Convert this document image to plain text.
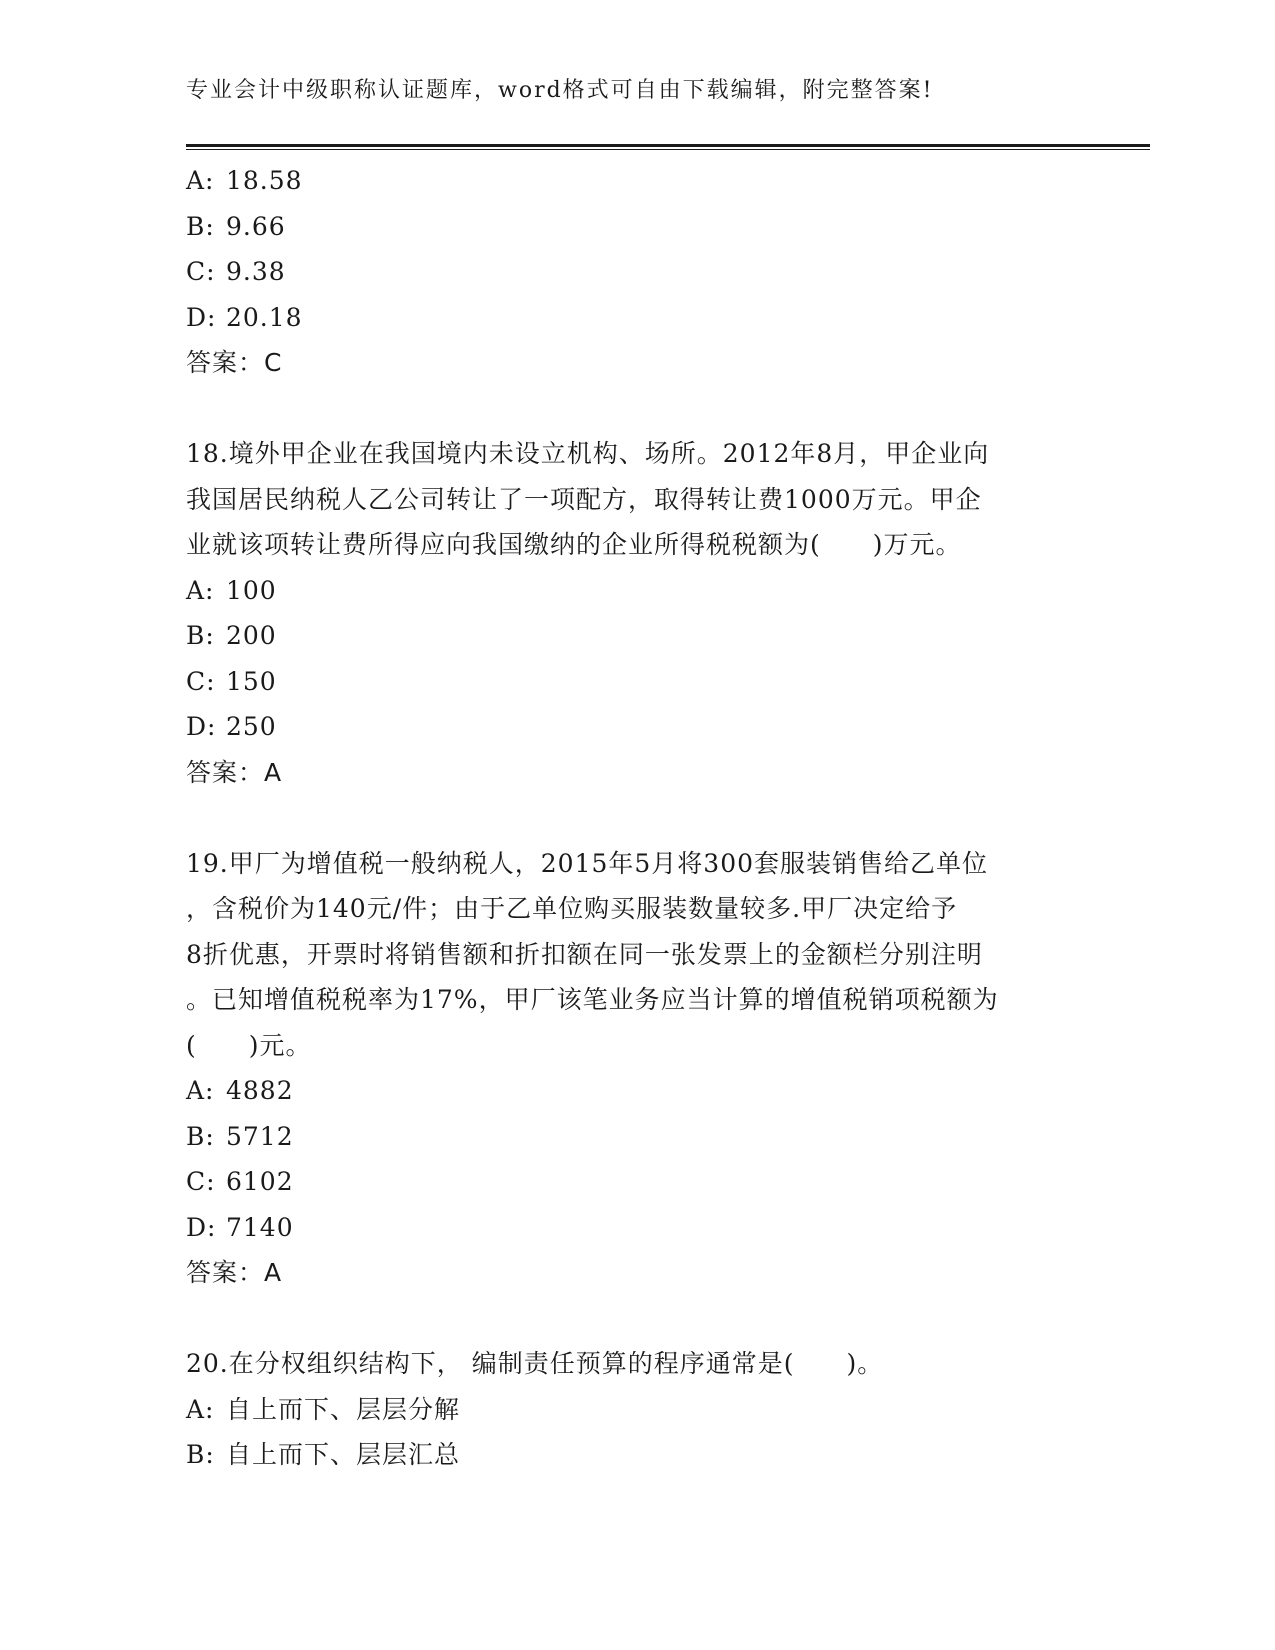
专业会计中级职称认证题库，word格式可自由下载编辑，附完整答案!
A: 18.58
B: 9.66
C: 9.38
D: 20.18
答案：C
18.境外甲企业在我国境内未设立机构、场所。2012年8月，甲企业向
我国居民纳税人乙公司转让了一项配方，取得转让费1000万元。甲企
业就该项转让费所得应向我国缴纳的企业所得税税额为(　　)万元。
A: 100
B: 200
C: 150
D: 250
答案：A
19.甲厂为增值税一般纳税人，2015年5月将300套服装销售给乙单位
，含税价为140元/件；由于乙单位购买服装数量较多.甲厂决定给予
8折优惠，开票时将销售额和折扣额在同一张发票上的金额栏分别注明
。已知增值税税率为17%，甲厂该笔业务应当计算的增值税销项税额为
(　　)元。
A: 4882
B: 5712
C: 6102
D: 7140
答案：A
20.在分权组织结构下， 编制责任预算的程序通常是(　　)。
A: 自上而下、层层分解
B: 自上而下、层层汇总
